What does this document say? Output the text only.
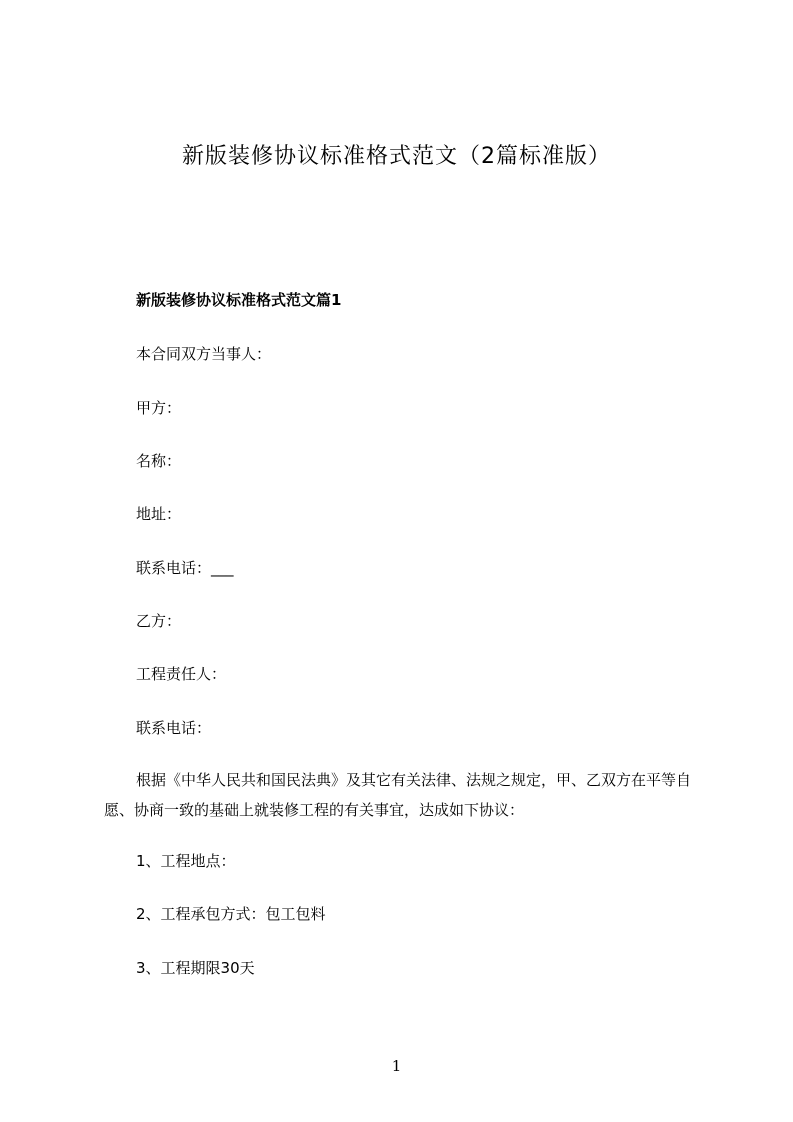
新版装修协议标准格式范文（2篇标准版）
新版装修协议标准格式范文篇1
本合同双方当事人：
甲方：
名称：
地址：
联系电话：___
乙方：
工程责任人：
联系电话：
根据《中华人民共和国民法典》及其它有关法律、法规之规定，甲、乙双方在平等自愿、协商一致的基础上就装修工程的有关事宜，达成如下协议：
1、工程地点：
2、工程承包方式：包工包料
3、工程期限30天
1
